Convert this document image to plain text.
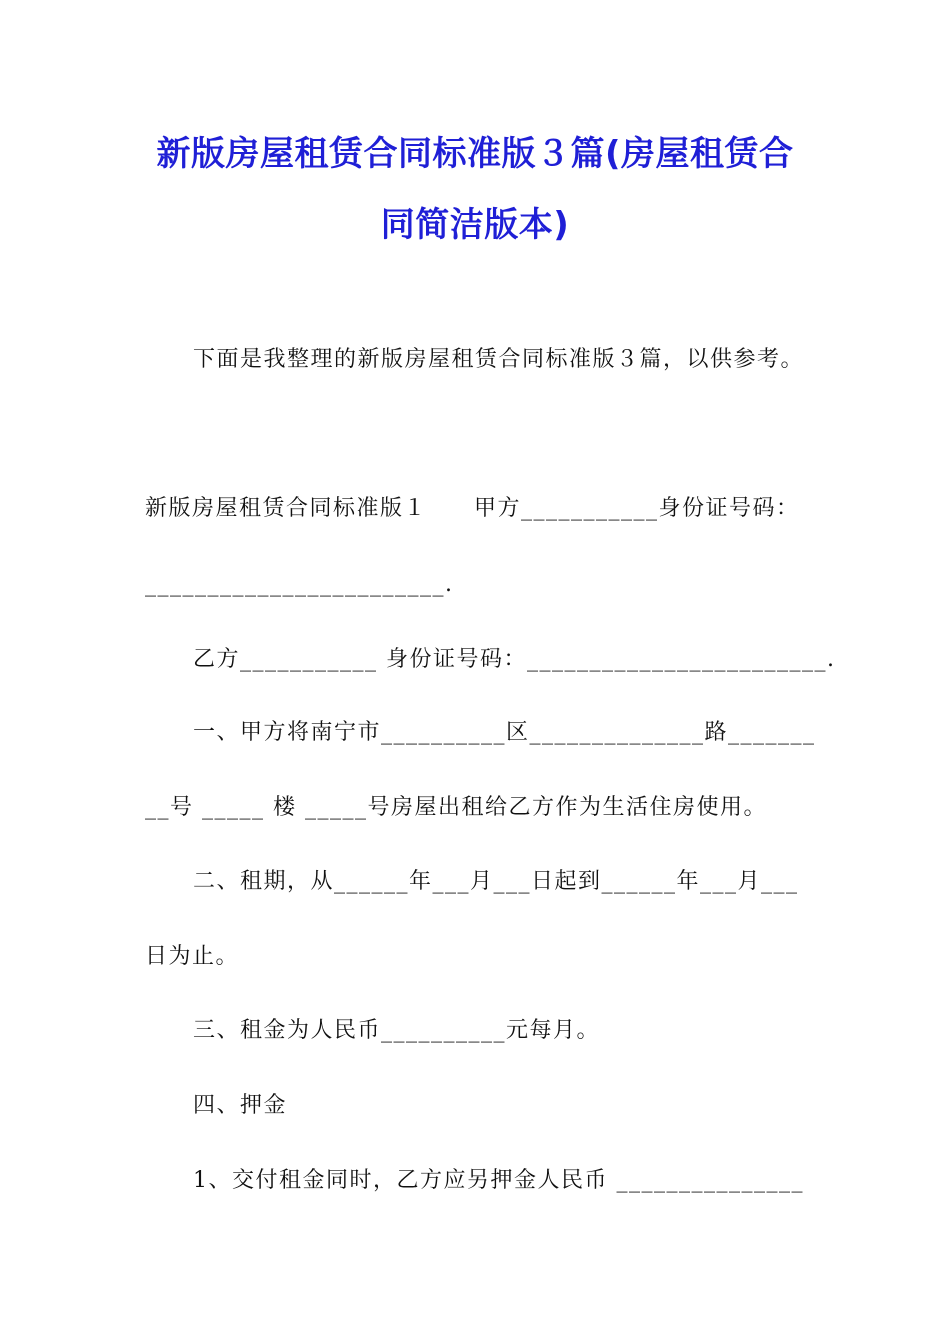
新版房屋租赁合同标准版３篇(房屋租赁合
同简洁版本)
下面是我整理的新版房屋租赁合同标准版３篇，以供参考。
新版房屋租赁合同标准版１　　甲方___________身份证号码：
________________________.
乙方___________ 身份证号码：________________________.
一、甲方将南宁市__________区______________路_______
__号 _____ 楼 _____号房屋出租给乙方作为生活住房使用。
二、租期，从______年___月___日起到______年___月___
日为止。
三、租金为人民币__________元每月。
四、押金
1、交付租金同时，乙方应另押金人民币 _______________
